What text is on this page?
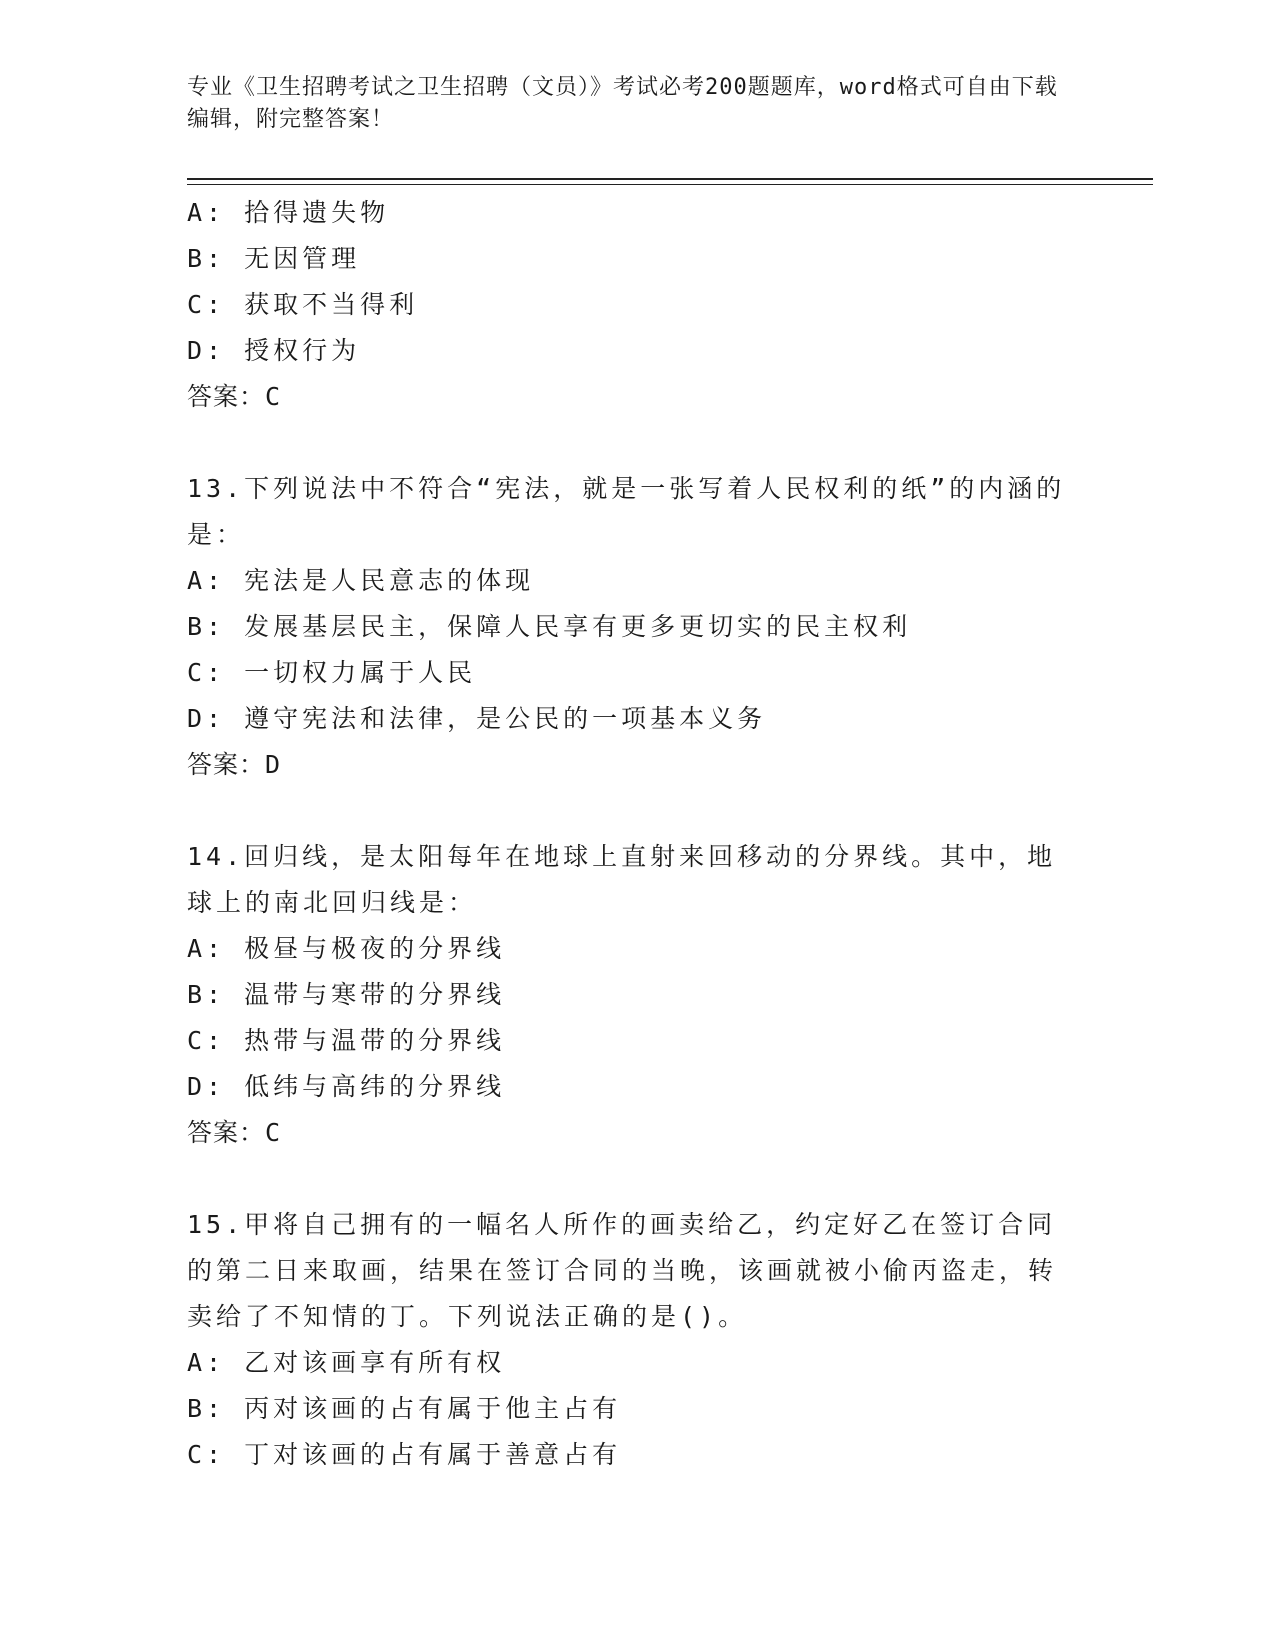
专业《卫生招聘考试之卫生招聘（文员）》考试必考200题题库，word格式可自由下载编辑，附完整答案！
A: 拾得遗失物
B: 无因管理
C: 获取不当得利
D: 授权行为
答案：C
13.下列说法中不符合“宪法，就是一张写着人民权利的纸”的内涵的是：
A: 宪法是人民意志的体现
B: 发展基层民主，保障人民享有更多更切实的民主权利
C: 一切权力属于人民
D: 遵守宪法和法律，是公民的一项基本义务
答案：D
14.回归线，是太阳每年在地球上直射来回移动的分界线。其中，地球上的南北回归线是：
A: 极昼与极夜的分界线
B: 温带与寒带的分界线
C: 热带与温带的分界线
D: 低纬与高纬的分界线
答案：C
15.甲将自己拥有的一幅名人所作的画卖给乙，约定好乙在签订合同的第二日来取画，结果在签订合同的当晚，该画就被小偷丙盗走，转卖给了不知情的丁。下列说法正确的是()。
A: 乙对该画享有所有权
B: 丙对该画的占有属于他主占有
C: 丁对该画的占有属于善意占有
